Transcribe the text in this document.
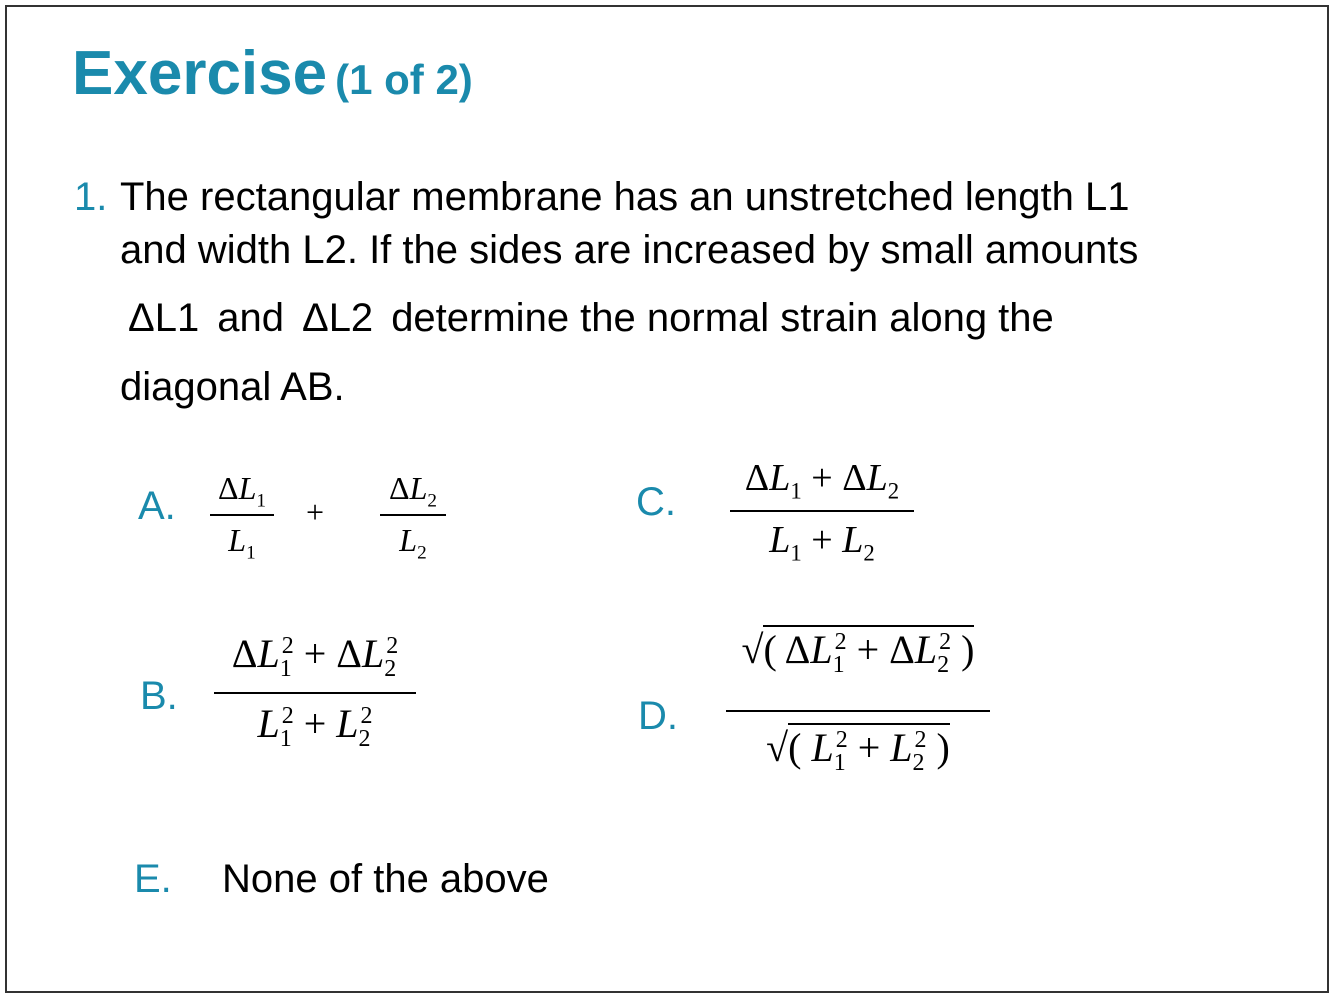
Exercise (1 of 2)
1. The rectangular membrane has an unstretched length L1
and width L2. If the sides are increased by small amounts
ΔL1 and ΔL2 determine the normal strain along the
diagonal AB.
A. $\Delta L_1$
$L_1$
+
$\Delta L_2$
$L_2$
C.
$\Delta L_1 + \Delta L_2$
$L_1 + L_2$
B.
$\Delta L_1^2 + \Delta L_2^2$
$L_1^2 + L_2^2$	D.
√( $\Delta L_1^2 + \Delta L_2^2$ )
√( $L_1^2 + L_2^2$ )
E. None of the above
